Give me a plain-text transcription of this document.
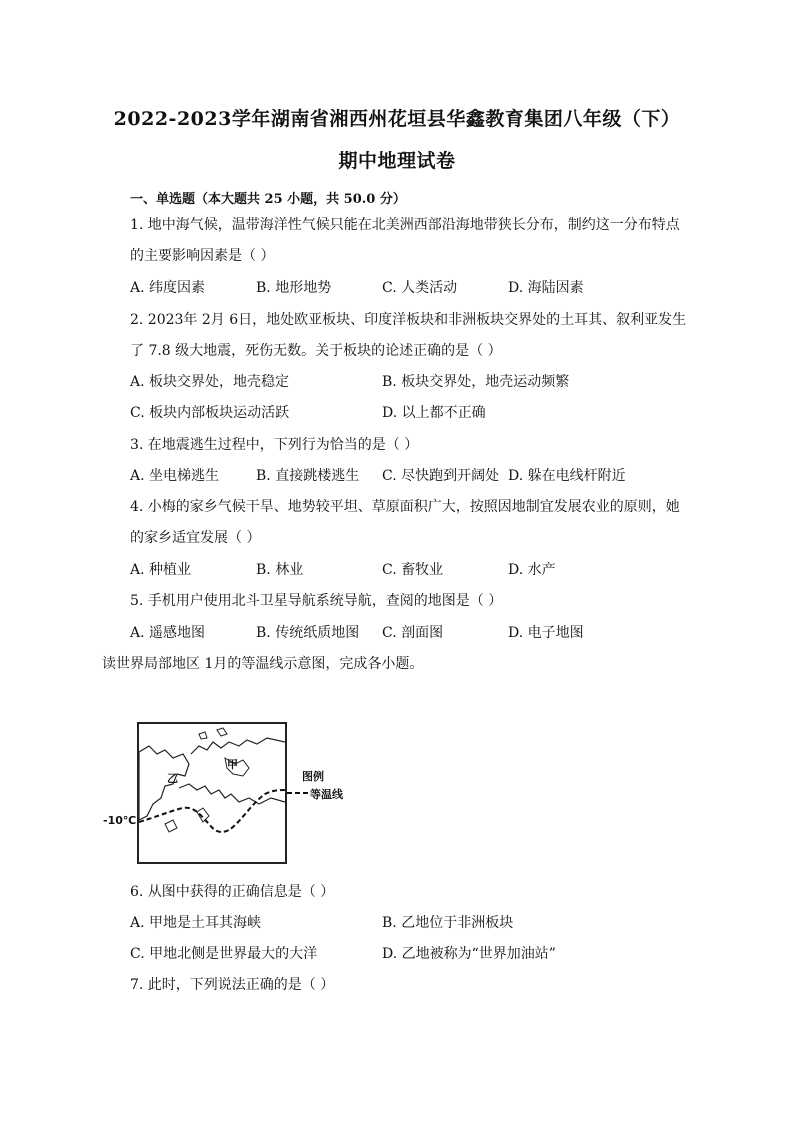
2022-2023学年湖南省湘西州花垣县华鑫教育集团八年级（下）
期中地理试卷
一、单选题（本大题共 25 小题，共 50.0 分）
1. 地中海气候，温带海洋性气候只能在北美洲西部沿海地带狭长分布，制约这一分布特点
的主要影响因素是（ ）
A. 纬度因素	B. 地形地势	C. 人类活动	D. 海陆因素
2. 2023年 2月 6日，地处欧亚板块、印度洋板块和非洲板块交界处的土耳其、叙利亚发生
了 7.8 级大地震，死伤无数。关于板块的论述正确的是（ ）
A. 板块交界处，地壳稳定	B. 板块交界处，地壳运动频繁
C. 板块内部板块运动活跃	D. 以上都不正确
3. 在地震逃生过程中，下列行为恰当的是（ ）
A. 坐电梯逃生	B. 直接跳楼逃生 C. 尽快跑到开阔处 D. 躲在电线杆附近
4. 小梅的家乡气候干旱、地势较平坦、草原面积广大，按照因地制宜发展农业的原则，她
的家乡适宜发展（ ）
A. 种植业	B. 林业	C. 畜牧业	D. 水产
5. 手机用户使用北斗卫星导航系统导航，查阅的地图是（ ）
A. 遥感地图	B. 传统纸质地图 C. 剖面图	D. 电子地图
读世界局部地区 1月的等温线示意图，完成各小题。
甲
乙
-10℃
图例
等温线
6. 从图中获得的正确信息是（ ）
A. 甲地是土耳其海峡	B. 乙地位于非洲板块
C. 甲地北侧是世界最大的大洋	D. 乙地被称为“世界加油站”
7. 此时，下列说法正确的是（ ）
